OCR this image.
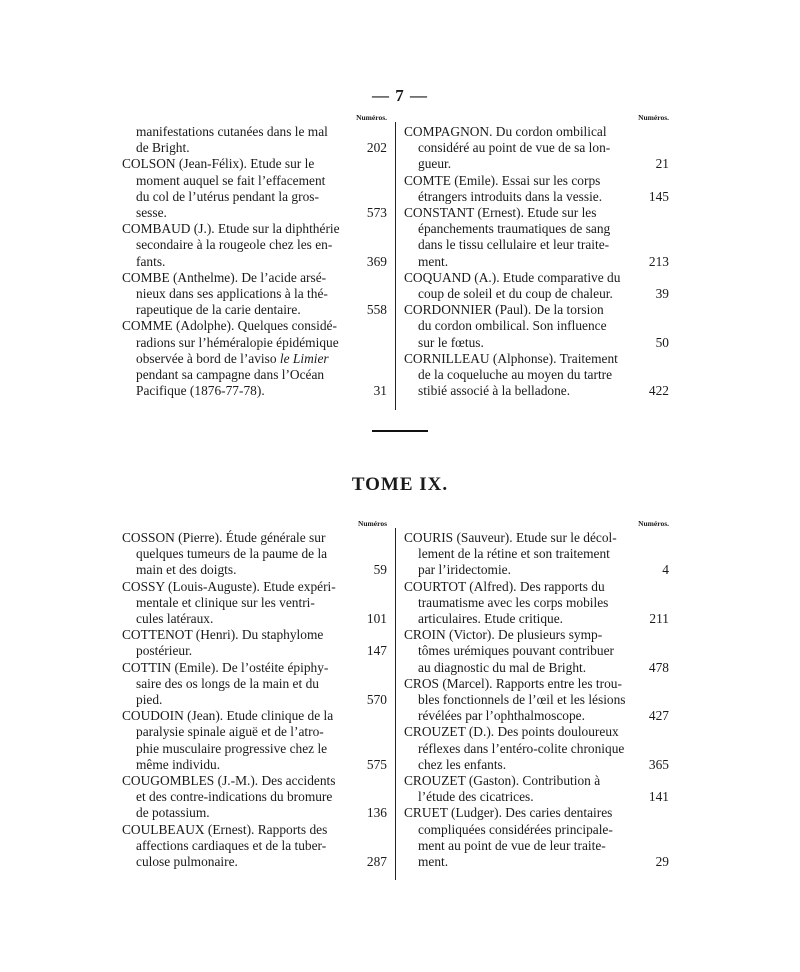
— 7 —
Numéros.
manifestations cutanées dans le mal
de Bright.	202
COLSON (Jean-Félix). Etude sur le
moment auquel se fait l’effacement
du col de l’utérus pendant la gros-
sesse.	573
COMBAUD (J.). Etude sur la diphthérie
secondaire à la rougeole chez les en-
fants.	369
COMBE (Anthelme). De l’acide arsé-
nieux dans ses applications à la thé-
rapeutique de la carie dentaire.	558
COMME (Adolphe). Quelques considé-
radions sur l’héméralopie épidémique
observée à bord de l’aviso le Limier
pendant sa campagne dans l’Océan
Pacifique (1876-77-78).	31
Numéros.
COMPAGNON. Du cordon ombilical
considéré au point de vue de sa lon-
gueur.	21
COMTE (Emile). Essai sur les corps
étrangers introduits dans la vessie.	145
CONSTANT (Ernest). Etude sur les
épanchements traumatiques de sang
dans le tissu cellulaire et leur traite-
ment.	213
COQUAND (A.). Etude comparative du
coup de soleil et du coup de chaleur.	39
CORDONNIER (Paul). De la torsion
du cordon ombilical. Son influence
sur le fœtus.	50
CORNILLEAU (Alphonse). Traitement
de la coqueluche au moyen du tartre
stibié associé à la belladone.	422
TOME IX.
Numéros
COSSON (Pierre). Étude générale sur
quelques tumeurs de la paume de la
main et des doigts.	59
COSSY (Louis-Auguste). Etude expéri-
mentale et clinique sur les ventri-
cules latéraux.	101
COTTENOT (Henri). Du staphylome
postérieur.	147
COTTIN (Emile). De l’ostéite épiphy-
saire des os longs de la main et du
pied.	570
COUDOIN (Jean). Etude clinique de la
paralysie spinale aiguë et de l’atro-
phie musculaire progressive chez le
même individu.	575
COUGOMBLES (J.-M.). Des accidents
et des contre-indications du bromure
de potassium.	136
COULBEAUX (Ernest). Rapports des
affections cardiaques et de la tuber-
culose pulmonaire.	287
Numéros.
COURIS (Sauveur). Etude sur le décol-
lement de la rétine et son traitement
par l’iridectomie.	4
COURTOT (Alfred). Des rapports du
traumatisme avec les corps mobiles
articulaires. Etude critique.	211
CROIN (Victor). De plusieurs symp-
tômes urémiques pouvant contribuer
au diagnostic du mal de Bright.	478
CROS (Marcel). Rapports entre les trou-
bles fonctionnels de l’œil et les lésions
révélées par l’ophthalmoscope.	427
CROUZET (D.). Des points douloureux
réflexes dans l’entéro-colite chronique
chez les enfants.	365
CROUZET (Gaston). Contribution à
l’étude des cicatrices.	141
CRUET (Ludger). Des caries dentaires
compliquées considérées principale-
ment au point de vue de leur traite-
ment.	29
